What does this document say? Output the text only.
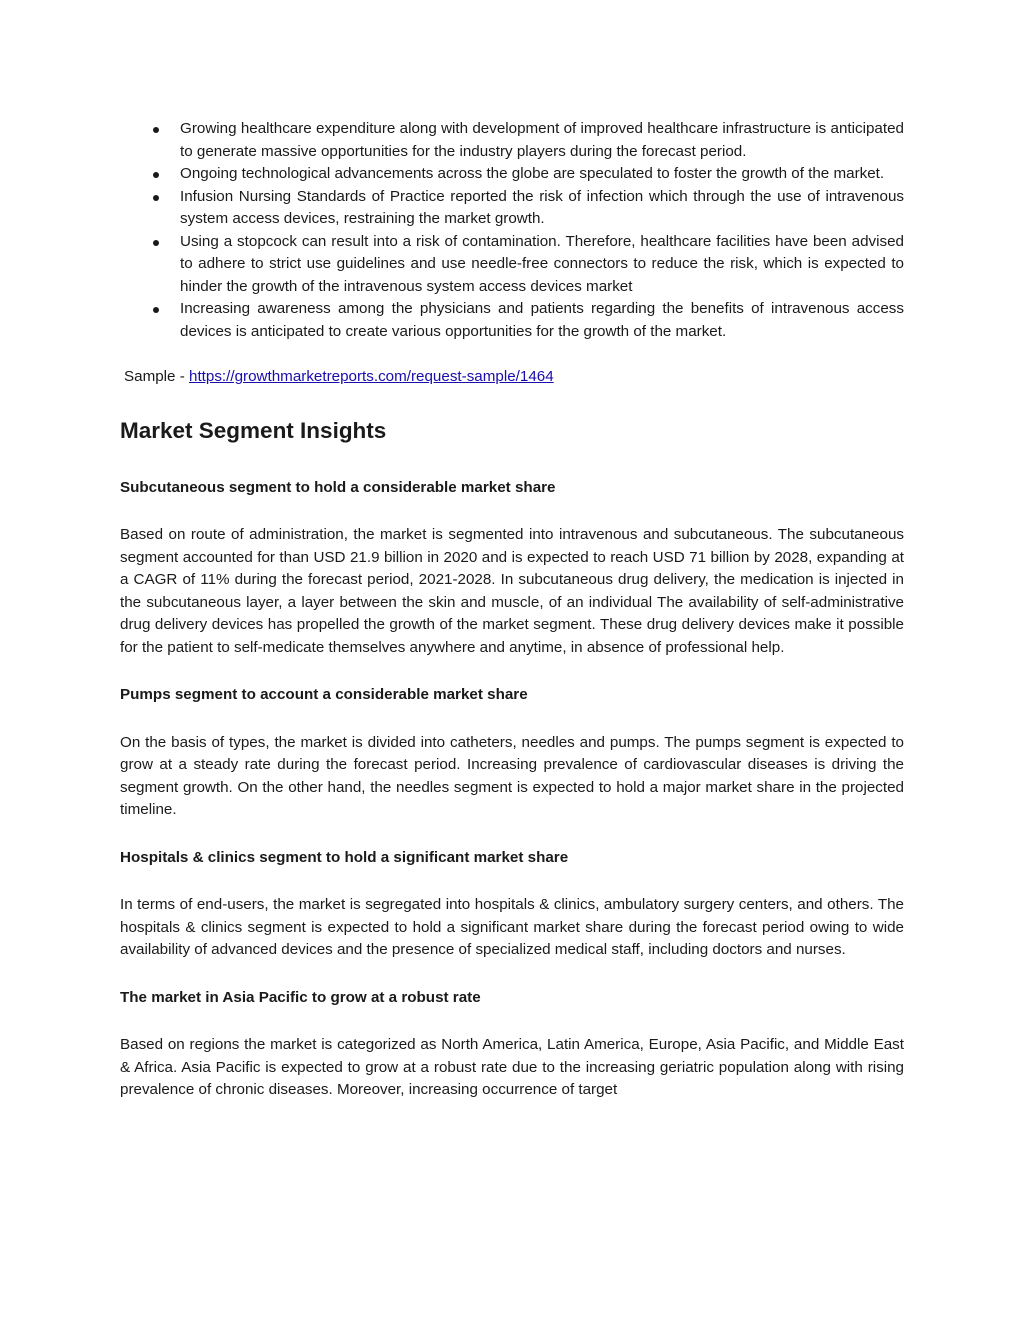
Growing healthcare expenditure along with development of improved healthcare infrastructure is anticipated to generate massive opportunities for the industry players during the forecast period.
Ongoing technological advancements across the globe are speculated to foster the growth of the market.
Infusion Nursing Standards of Practice reported the risk of infection which through the use of intravenous system access devices, restraining the market growth.
Using a stopcock can result into a risk of contamination. Therefore, healthcare facilities have been advised to adhere to strict use guidelines and use needle-free connectors to reduce the risk, which is expected to hinder the growth of the intravenous system access devices market
Increasing awareness among the physicians and patients regarding the benefits of intravenous access devices is anticipated to create various opportunities for the growth of the market.
Sample - https://growthmarketreports.com/request-sample/1464
Market Segment Insights
Subcutaneous segment to hold a considerable market share

Based on route of administration, the market is segmented into intravenous and subcutaneous. The subcutaneous segment accounted for than USD 21.9 billion in 2020 and is expected to reach USD 71 billion by 2028, expanding at a CAGR of 11% during the forecast period, 2021-2028. In subcutaneous drug delivery, the medication is injected in the subcutaneous layer, a layer between the skin and muscle, of an individual The availability of self-administrative drug delivery devices has propelled the growth of the market segment. These drug delivery devices make it possible for the patient to self-medicate themselves anywhere and anytime, in absence of professional help.

Pumps segment to account a considerable market share

On the basis of types, the market is divided into catheters, needles and pumps. The pumps segment is expected to grow at a steady rate during the forecast period. Increasing prevalence of cardiovascular diseases is driving the segment growth. On the other hand, the needles segment is expected to hold a major market share in the projected timeline.

Hospitals & clinics segment to hold a significant market share

In terms of end-users, the market is segregated into hospitals & clinics, ambulatory surgery centers, and others. The hospitals & clinics segment is expected to hold a significant market share during the forecast period owing to wide availability of advanced devices and the presence of specialized medical staff, including doctors and nurses.

The market in Asia Pacific to grow at a robust rate

Based on regions the market is categorized as North America, Latin America, Europe, Asia Pacific, and Middle East & Africa. Asia Pacific is expected to grow at a robust rate due to the increasing geriatric population along with rising prevalence of chronic diseases. Moreover, increasing occurrence of target
